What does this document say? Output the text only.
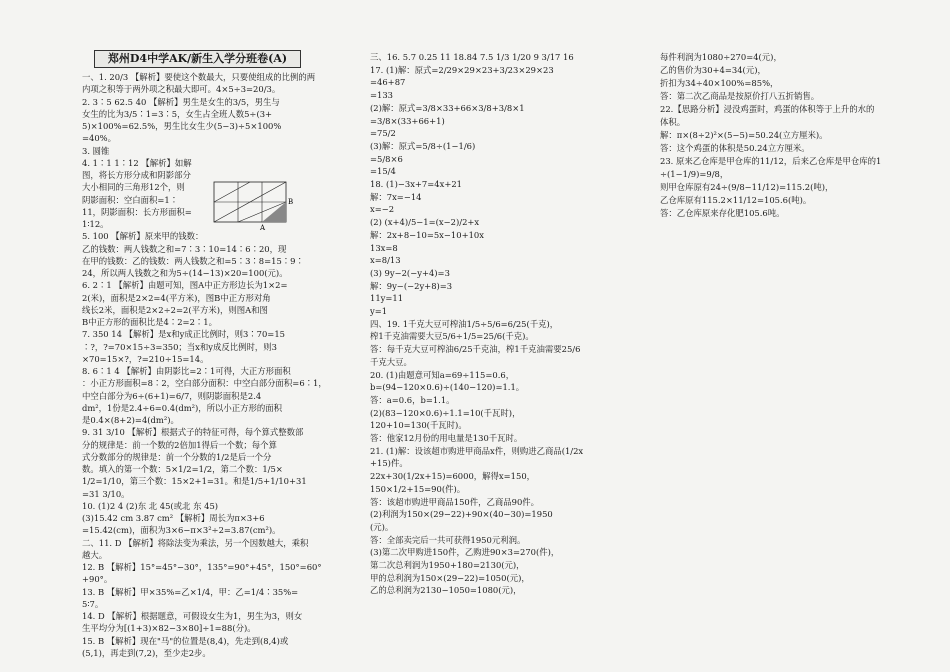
郑州D4中学AK/新生入学分班卷(A)
一、1. 20/3 【解析】要使这个数最大，只要使组成的比例的两
内项之积等于两外项之积最大即可。4×5÷3=20/3。
2. 3∶5 62.5 40 【解析】男生是女生的3/5，男生与
女生的比为3/5∶1=3∶5，女生占全班人数5÷(3+
5)×100%=62.5%，男生比女生少(5−3)÷5×100%
=40%。
3. 圆锥
4. 1∶1 1∶12 【解析】如解
图，将长方形分成和阴影部分
大小相同的三角形12个，则
阴影面积：空白面积=1∶
11，阴影面积：长方形面积=
1∶12。
5. 100 【解析】原来甲的钱数：
乙的钱数：两人钱数之和=7∶3∶10=14∶6∶20，现
在甲的钱数：乙的钱数：两人钱数之和=5∶3∶8=15∶9∶
24，所以两人钱数之和为5÷(14−13)×20=100(元)。
6. 2∶1 【解析】由题可知，图A中正方形边长为1×2=
2(米)，面积是2×2=4(平方米)，图B中正方形对角
线长2米，面积是2×2÷2=2(平方米)，则图A和图
B中正方形的面积比是4∶2=2∶1。
7. 350 14 【解析】是x和y成正比例时，则3∶70=15
∶?，?=70×15÷3=350；当x和y成反比例时，则3
×70=15×?，?=210÷15=14。
8. 6∶1 4 【解析】由阴影比=2∶1可得，大正方形面积
：小正方形面积=8∶2，空白部分面积：中空白部分面积=6∶1，
中空白部分为6÷(6+1)=6/7，则阴影面积是2.4
dm²，1份是2.4÷6=0.4(dm²)，所以小正方形的面积
是0.4×(8+2)=4(dm²)。
9. 31 3/10 【解析】根据式子的特征可得，每个算式整数部
分的规律是：前一个数的2倍加1得后一个数；每个算
式分数部分的规律是：前一个分数的1/2是后一个分
数。填入的第一个数：5×1/2=1/2，第二个数：1/5×
1/2=1/10，第三个数：15×2+1=31。和是1/5+1/10+31
=31 3/10。
10. (1)2 4 (2)东 北 45(或北 东 45)
(3)15.42 cm 3.87 cm² 【解析】周长为π×3+6
=15.42(cm)，面积为3×6−π×3²÷2=3.87(cm²)。
二、11. D 【解析】将除法变为乘法，另一个因数越大，乘积
越大。
12. B 【解析】15°=45°−30°，135°=90°+45°，150°=60°
+90°。
13. B 【解析】甲×35%=乙×1/4，甲：乙=1/4∶35%=
5∶7。
14. D 【解析】根据题意，可假设女生为1，男生为3，则女
生平均分为[(1+3)×82−3×80]÷1=88(分)。
15. B 【解析】现在"马"的位置是(8,4)，先走到(8,4)或
(5,1)，再走到(7,2)，至少走2步。
三、16. 5.7 0.25 11 18.84 7.5 1/3 1/20 9 3/17 16
17. (1)解：原式=2/29×29×23+3/23×29×23
=46+87
=133
(2)解：原式=3/8×33+66×3/8+3/8×1
=3/8×(33+66+1)
=75/2
(3)解：原式=5/8÷(1−1/6)
=5/8×6
=15/4
18. (1)−3x+7=4x+21
解：7x=−14
x=−2
(2) (x+4)/5−1=(x−2)/2+x
解：2x+8−10=5x−10+10x
13x=8
x=8/13
(3) 9y−2(−y+4)=3
解：9y−(−2y+8)=3
11y=11
y=1
四、19. 1千克大豆可榨油1/5÷5/6=6/25(千克)，
榨1千克油需要大豆5/6÷1/5=25/6(千克)。
答：每千克大豆可榨油6/25千克油，榨1千克油需要25/6
千克大豆。
20. (1)由题意可知a=69÷115=0.6，
b=(94−120×0.6)÷(140−120)=1.1。
答：a=0.6，b=1.1。
(2)(83−120×0.6)÷1.1=10(千瓦时)，
120+10=130(千瓦时)。
答：他家12月份的用电量是130千瓦时。
21. (1)解：设该超市购进甲商品x件，则购进乙商品(1/2x
+15)件。
22x+30(1/2x+15)=6000，解得x=150，
150×1/2+15=90(件)。
答：该超市购进甲商品150件，乙商品90件。
(2)利润为150×(29−22)+90×(40−30)=1950
(元)。
答：全部卖完后一共可获得1950元利润。
(3)第二次甲购进150件，乙购进90×3=270(件)，
第二次总利润为1950+180=2130(元)，
甲的总利润为150×(29−22)=1050(元)，
乙的总利润为2130−1050=1080(元)，
每件利润为1080÷270=4(元)，
乙的售价为30+4=34(元)，
折扣为34÷40×100%=85%，
答：第二次乙商品是按原价打八五折销售。
22.【思路分析】浸没鸡蛋时，鸡蛋的体积等于上升的水的
体积。
解：π×(8÷2)²×(5−5)=50.24(立方厘米)。
答：这个鸡蛋的体积是50.24立方厘米。
23. 原来乙仓库是甲仓库的11/12，后来乙仓库是甲仓库的1
÷(1−1/9)=9/8，
则甲仓库原有24÷(9/8−11/12)=115.2(吨)，
乙仓库原有115.2×11/12=105.6(吨)。
答：乙仓库原来存化肥105.6吨。
B
A
